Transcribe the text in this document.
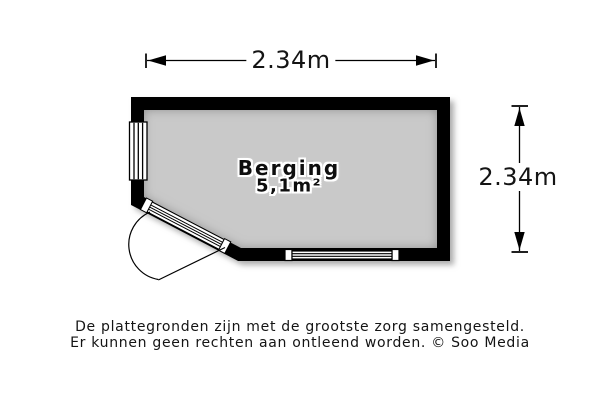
2.34m
2.34m
Berging
5,1m²
De plattegronden zijn met de grootste zorg samengesteld.
Er kunnen geen rechten aan ontleend worden. © Soo Media
